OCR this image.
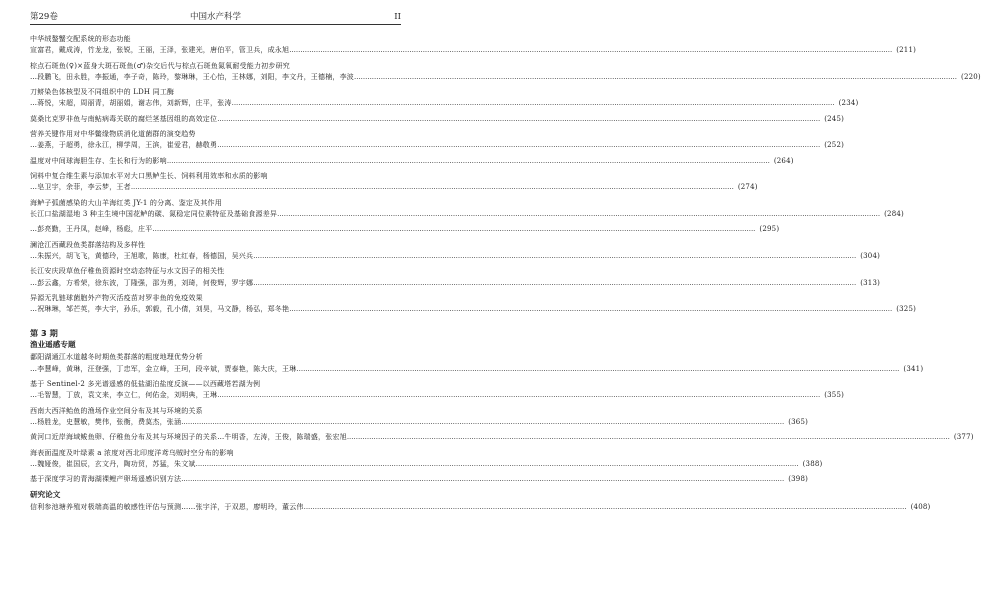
第29卷	中国水产科学	II
中华绒螯蟹交配系统的形态功能
宣富君，戴成涛，竹龙龙，张锐，王丽，王泽，张建光，唐伯平，管卫兵，成永旭 .....	(211)
棕点石斑鱼(♀)×蓝身大斑石斑鱼(♂)杂交后代与棕点石斑鱼氮氧耐受能力初步研究
…段鹏飞，田永胜，李振通，李子奇，陈玲，黎琳琳，王心怡，王林娜，刘阳，李文丹，王德楠，李波 .....	(220)
刀鲚染色体核型及不同组织中的 LDH 同工酶
…蒋悦，宋超，周丽青，胡丽娟，谢志伟，刘新辉，庄平，张涛 .....	(234)
莫桑比克罗非鱼与南鲇病毒关联的腐烂茎基因组的高效定位 .....	(245)
营养关键作用对中华鳖缘物质消化道菌群的演变趋势
…姜燕，于超勇，徐永江，柳学周，王滨，崔爱君，赫敬勇 .....	(252)
温度对中间球海胆生存、生长和行为的影响 .....	(264)
饲料中复合维生素与添加水平对大口黑鲈生长、饲料利用效率和水质的影响
…皂卫宇，余菲，李云梦，王者 .....	(274)
海鲈子弧菌感染的大山羊海红类 JY-1 的分离、鉴定及其作用
长江口盐湖湿地 3 种主生境中国花鲈的碳、氮稳定同位素特征及基础食源差异 .....	(284)
…彭亮勤，王丹凤，赵峰，杨彪，庄平 .....	(295)
澜沧江西藏段鱼类群落结构及多样性
…朱振兴，胡飞飞，黄德玲，王旭歌，陈康，杜红春，杨德国，吴兴兵 .....	(304)
长江安庆段草鱼仔稚鱼资源时空动态特征与水文因子的相关性
…彭云鑫，方希荣，徐东波，丁隆强，邵为勇，刘琦，何俊辉，罗宇娜 .....	(313)
异源无乳链球菌胞外产物灭活疫苗对罗非鱼的免疫效果
…祝琳琳，邹芒英，李大宇，孙乐，郭毅，孔小倩，刘昊，马文静，杨弘，郑冬艳 .....	(325)
第 3 期
渔业遥感专题
鄱阳湖通江水道越冬时期鱼类群落的粗度地理优势分析
…李慧峰，黄琳，汪登强，丁忠军，金立峰，王珂，段辛斌，贾泰艳，陈大庆，王琳 .....	(341)
基于 Sentinel-2 多光谱遥感的低盐湖泊盐度反演——以西藏塔若湖为例
…毛智慧，丁放，袁文来，李立仁，何佑金，刘明典，王琳 .....	(355)
西南大西洋鲐鱼的渔场作业空间分布及其与环境的关系
…杨胜龙，史慧敏，樊伟，张衡，费莫杰，张涵 .....	(365)
黄河口近岸海域鲅鱼卵、仔稚鱼分布及其与环境因子的关系…牛明香，左涛，王俊，陈瑞盛，张宏旭 .....	(377)
海表面温度及叶绿素 a 浓度对西北印度洋鸢乌贼时空分布的影响
…魏娅俊，崔国辰，玄文丹，陶功贸，苏猛，朱文斌 .....	(388)
基于深度学习的青海湖裸鲤产卵场遥感识别方法 .....	(398)
研究论文
信利参池塘养殖对极端高温的敏感性评估与预测……张宇洋，于双恩，廖明玲，董云伟 .....	(408)
